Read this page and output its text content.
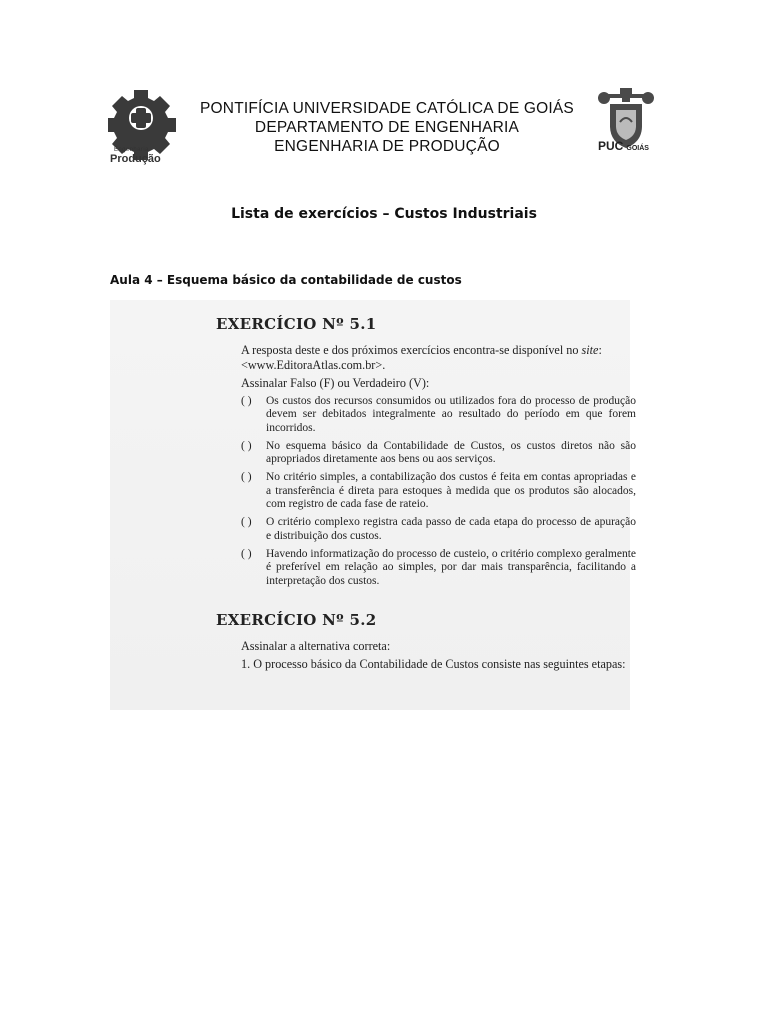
Engenharia
Produção
PONTIFÍCIA UNIVERSIDADE CATÓLICA DE GOIÁS
DEPARTAMENTO DE ENGENHARIA
ENGENHARIA DE PRODUÇÃO	PUC GOIÁS
Lista de exercícios – Custos Industriais
Aula 4 – Esquema básico da contabilidade de custos
EXERCÍCIO Nº 5.1
A resposta deste e dos próximos exercícios encontra-se disponível no site:
<www.EditoraAtlas.com.br>.
Assinalar Falso (F) ou Verdadeiro (V):
( ) Os custos dos recursos consumidos ou utilizados fora do processo de produção devem ser debitados integralmente ao resultado do período em que forem incorridos.
( ) No esquema básico da Contabilidade de Custos, os custos diretos não são apropriados diretamente aos bens ou aos serviços.
( ) No critério simples, a contabilização dos custos é feita em contas apropriadas e a transferência é direta para estoques à medida que os produtos são alocados, com registro de cada fase de rateio.
( ) O critério complexo registra cada passo de cada etapa do processo de apuração e distribuição dos custos.
( ) Havendo informatização do processo de custeio, o critério complexo geralmente é preferível em relação ao simples, por dar mais transparência, facilitando a interpretação dos custos.
EXERCÍCIO Nº 5.2
Assinalar a alternativa correta:
1. O processo básico da Contabilidade de Custos consiste nas seguintes etapas:
